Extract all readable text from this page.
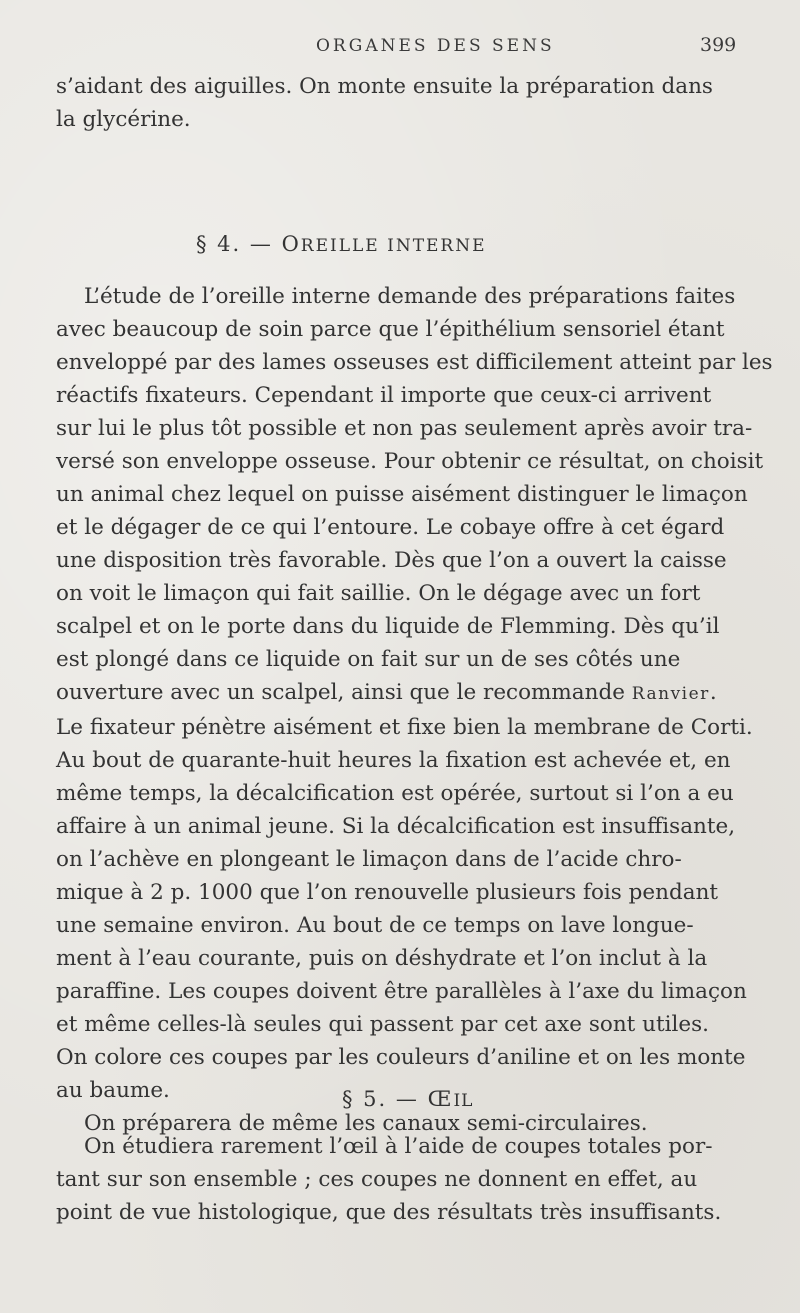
ORGANES DES SENS	399
s’aidant des aiguilles. On monte ensuite la préparation dans
la glycérine.
§ 4. — OREILLE INTERNE
L’étude de l’oreille interne demande des préparations faites
avec beaucoup de soin parce que l’épithélium sensoriel étant
enveloppé par des lames osseuses est difficilement atteint par les
réactifs fixateurs. Cependant il importe que ceux-ci arrivent
sur lui le plus tôt possible et non pas seulement après avoir tra-
versé son enveloppe osseuse. Pour obtenir ce résultat, on choisit
un animal chez lequel on puisse aisément distinguer le limaçon
et le dégager de ce qui l’entoure. Le cobaye offre à cet égard
une disposition très favorable. Dès que l’on a ouvert la caisse
on voit le limaçon qui fait saillie. On le dégage avec un fort
scalpel et on le porte dans du liquide de Flemming. Dès qu’il
est plongé dans ce liquide on fait sur un de ses côtés une
ouverture avec un scalpel, ainsi que le recommande Ranvier.
Le fixateur pénètre aisément et fixe bien la membrane de Corti.
Au bout de quarante-huit heures la fixation est achevée et, en
même temps, la décalcification est opérée, surtout si l’on a eu
affaire à un animal jeune. Si la décalcification est insuffisante,
on l’achève en plongeant le limaçon dans de l’acide chro-
mique à 2 p. 1000 que l’on renouvelle plusieurs fois pendant
une semaine environ. Au bout de ce temps on lave longue-
ment à l’eau courante, puis on déshydrate et l’on inclut à la
paraffine. Les coupes doivent être parallèles à l’axe du limaçon
et même celles-là seules qui passent par cet axe sont utiles.
On colore ces coupes par les couleurs d’aniline et on les monte
au baume.
On préparera de même les canaux semi-circulaires.
§ 5. — ŒIL
On étudiera rarement l’œil à l’aide de coupes totales por-
tant sur son ensemble ; ces coupes ne donnent en effet, au
point de vue histologique, que des résultats très insuffisants.
